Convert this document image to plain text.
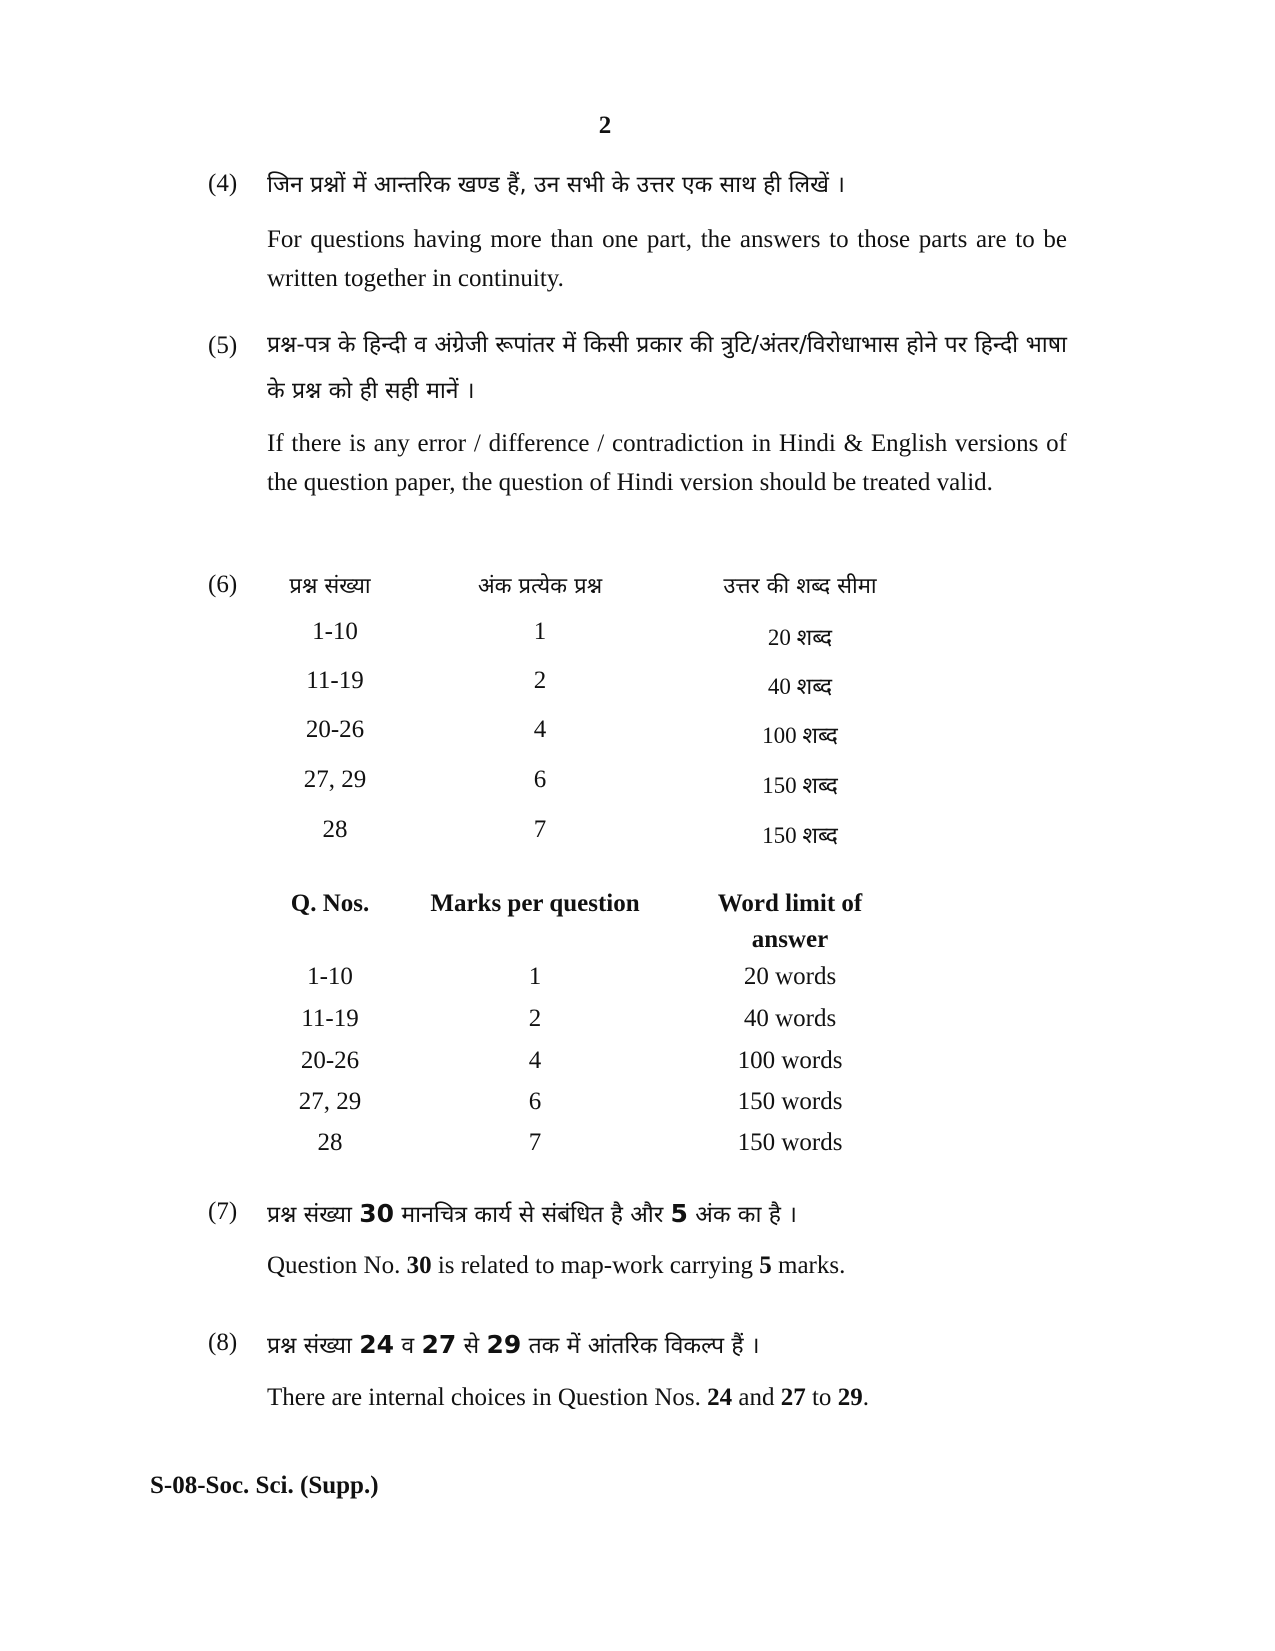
2
(4) जिन प्रश्नों में आन्तरिक खण्ड हैं, उन सभी के उत्तर एक साथ ही लिखें ।
For questions having more than one part, the answers to those parts are to be written together in continuity.
(5) प्रश्न-पत्र के हिन्दी व अंग्रेजी रूपांतर में किसी प्रकार की त्रुटि/अंतर/विरोधाभास होने पर हिन्दी भाषा के प्रश्न को ही सही मानें ।
If there is any error / difference / contradiction in Hindi & English versions of the question paper, the question of Hindi version should be treated valid.
(6)	प्रश्न संख्या	अंक प्रत्येक प्रश्न	उत्तर की शब्द सीमा
1-10	1	20 शब्द
11-19	2	40 शब्द
20-26	4	100 शब्द
27, 29	6	150 शब्द
28	7	150 शब्द
Q. Nos.	Marks per question	Word limit of
answer
1-10	1	20 words
11-19	2	40 words
20-26	4	100 words
27, 29	6	150 words
28	7	150 words
(7) प्रश्न संख्या 30 मानचित्र कार्य से संबंधित है और 5 अंक का है ।
Question No. 30 is related to map-work carrying 5 marks.
(8) प्रश्न संख्या 24 व 27 से 29 तक में आंतरिक विकल्प हैं ।
There are internal choices in Question Nos. 24 and 27 to 29.
S-08-Soc. Sci. (Supp.)
